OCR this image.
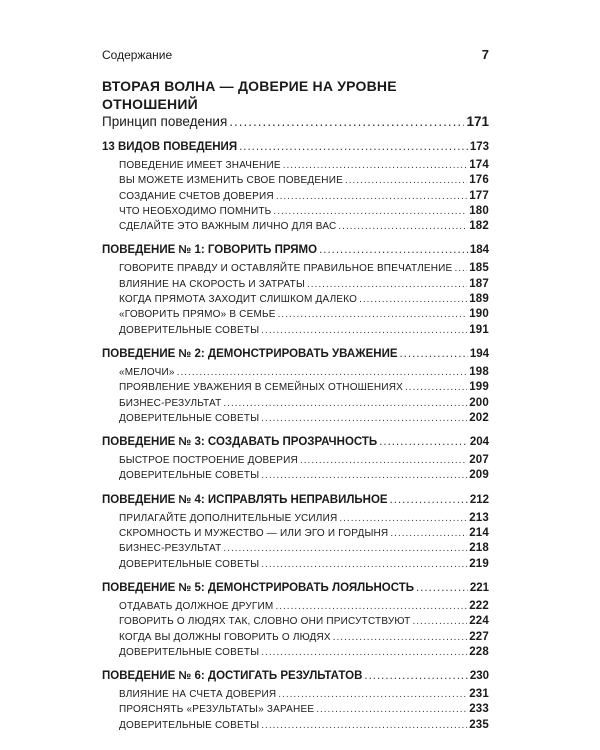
Содержание	7
ВТОРАЯ ВОЛНА — ДОВЕРИЕ НА УРОВНЕ ОТНОШЕНИЙ
Принцип поведения .....	171
13 ВИДОВ ПОВЕДЕНИЯ .....	173
ПОВЕДЕНИЕ ИМЕЕТ ЗНАЧЕНИЕ .....	174
ВЫ МОЖЕТЕ ИЗМЕНИТЬ СВОЕ ПОВЕДЕНИЕ .....	176
СОЗДАНИЕ СЧЕТОВ ДОВЕРИЯ .....	177
ЧТО НЕОБХОДИМО ПОМНИТЬ .....	180
СДЕЛАЙТЕ ЭТО ВАЖНЫМ ЛИЧНО ДЛЯ ВАС .....	182
ПОВЕДЕНИЕ № 1: ГОВОРИТЬ ПРЯМО .....	184
ГОВОРИТЕ ПРАВДУ И ОСТАВЛЯЙТЕ ПРАВИЛЬНОЕ ВПЕЧАТЛЕНИЕ ..... 185
ВЛИЯНИЕ НА СКОРОСТЬ И ЗАТРАТЫ .....	187
КОГДА ПРЯМОТА ЗАХОДИТ СЛИШКОМ ДАЛЕКО .....	189
«ГОВОРИТЬ ПРЯМО» В СЕМЬЕ .....	190
ДОВЕРИТЕЛЬНЫЕ СОВЕТЫ .....	191
ПОВЕДЕНИЕ № 2: ДЕМОНСТРИРОВАТЬ УВАЖЕНИЕ .....	194
«МЕЛОЧИ» .....	198
ПРОЯВЛЕНИЕ УВАЖЕНИЯ В СЕМЕЙНЫХ ОТНОШЕНИЯХ .....	199
БИЗНЕС-РЕЗУЛЬТАТ .....	200
ДОВЕРИТЕЛЬНЫЕ СОВЕТЫ .....	202
ПОВЕДЕНИЕ № 3: СОЗДАВАТЬ ПРОЗРАЧНОСТЬ .....	204
БЫСТРОЕ ПОСТРОЕНИЕ ДОВЕРИЯ .....	207
ДОВЕРИТЕЛЬНЫЕ СОВЕТЫ .....	209
ПОВЕДЕНИЕ № 4: ИСПРАВЛЯТЬ НЕПРАВИЛЬНОЕ .....	212
ПРИЛАГАЙТЕ ДОПОЛНИТЕЛЬНЫЕ УСИЛИЯ .....	213
СКРОМНОСТЬ И МУЖЕСТВО — ИЛИ ЭГО И ГОРДЫНЯ .....	214
БИЗНЕС-РЕЗУЛЬТАТ .....	218
ДОВЕРИТЕЛЬНЫЕ СОВЕТЫ .....	219
ПОВЕДЕНИЕ № 5: ДЕМОНСТРИРОВАТЬ ЛОЯЛЬНОСТЬ .....	221
ОТДАВАТЬ ДОЛЖНОЕ ДРУГИМ .....	222
ГОВОРИТЬ О ЛЮДЯХ ТАК, СЛОВНО ОНИ ПРИСУТСТВУЮТ .....	224
КОГДА ВЫ ДОЛЖНЫ ГОВОРИТЬ О ЛЮДЯХ .....	227
ДОВЕРИТЕЛЬНЫЕ СОВЕТЫ .....	228
ПОВЕДЕНИЕ № 6: ДОСТИГАТЬ РЕЗУЛЬТАТОВ .....	230
ВЛИЯНИЕ НА СЧЕТА ДОВЕРИЯ .....	231
ПРОЯСНЯТЬ «РЕЗУЛЬТАТЫ» ЗАРАНЕЕ .....	233
ДОВЕРИТЕЛЬНЫЕ СОВЕТЫ .....	235
